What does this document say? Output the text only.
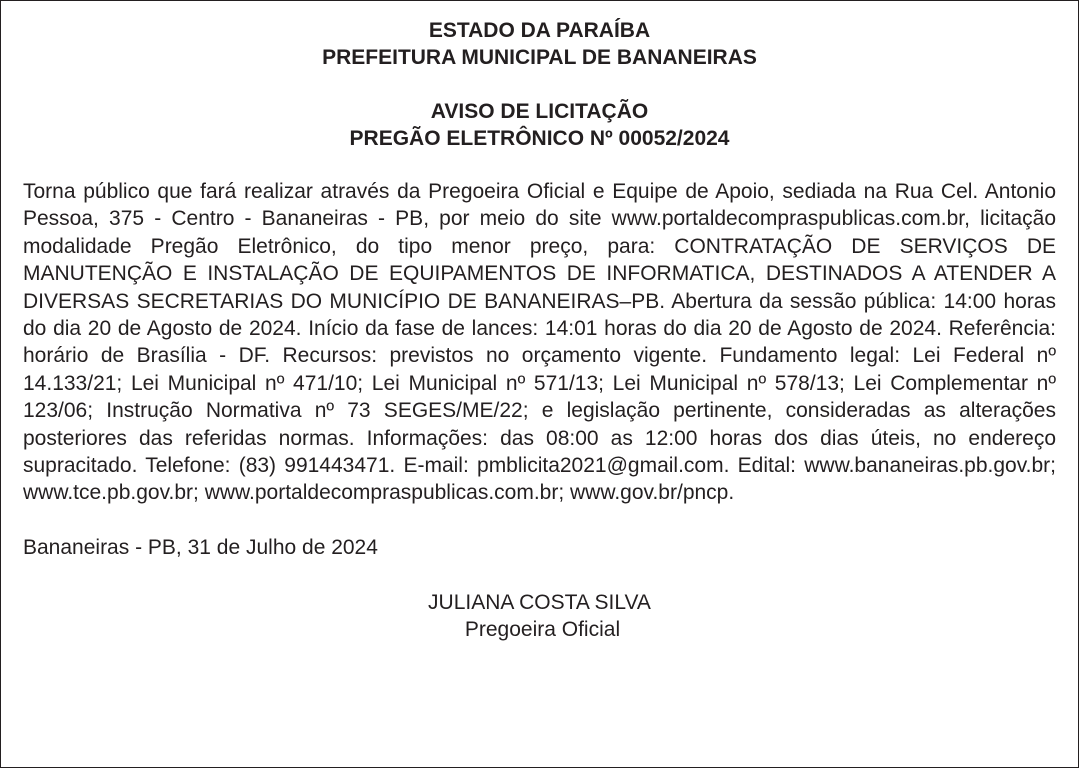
ESTADO DA PARAÍBA
PREFEITURA MUNICIPAL DE BANANEIRAS
AVISO DE LICITAÇÃO
PREGÃO ELETRÔNICO Nº 00052/2024
Torna público que fará realizar através da Pregoeira Oficial e Equipe de Apoio, sediada na Rua Cel. Antonio Pessoa, 375 - Centro - Bananeiras - PB, por meio do site www.portaldecompraspublicas.com.br, licitação modalidade Pregão Eletrônico, do tipo menor preço, para: CONTRATAÇÃO DE SERVIÇOS DE MANUTENÇÃO E INSTALAÇÃO DE EQUIPAMENTOS DE INFORMATICA, DESTINADOS A ATENDER A DIVERSAS SECRETARIAS DO MUNICÍPIO DE BANANEIRAS–PB. Abertura da sessão pública: 14:00 horas do dia 20 de Agosto de 2024. Início da fase de lances: 14:01 horas do dia 20 de Agosto de 2024. Referência: horário de Brasília - DF. Recursos: previstos no orçamento vigente. Fundamento legal: Lei Federal nº 14.133/21; Lei Municipal nº 471/10; Lei Municipal nº 571/13; Lei Municipal nº 578/13; Lei Complementar nº 123/06; Instrução Normativa nº 73 SEGES/ME/22; e legislação pertinente, consideradas as alterações posteriores das referidas normas. Informações: das 08:00 as 12:00 horas dos dias úteis, no endereço supracitado. Telefone: (83) 991443471. E-mail: pmblicita2021@gmail.com. Edital: www.bananeiras.pb.gov.br; www.tce.pb.gov.br; www.portaldecompraspublicas.com.br; www.gov.br/pncp.
Bananeiras - PB, 31 de Julho de 2024
JULIANA COSTA SILVA
Pregoeira Oficial
